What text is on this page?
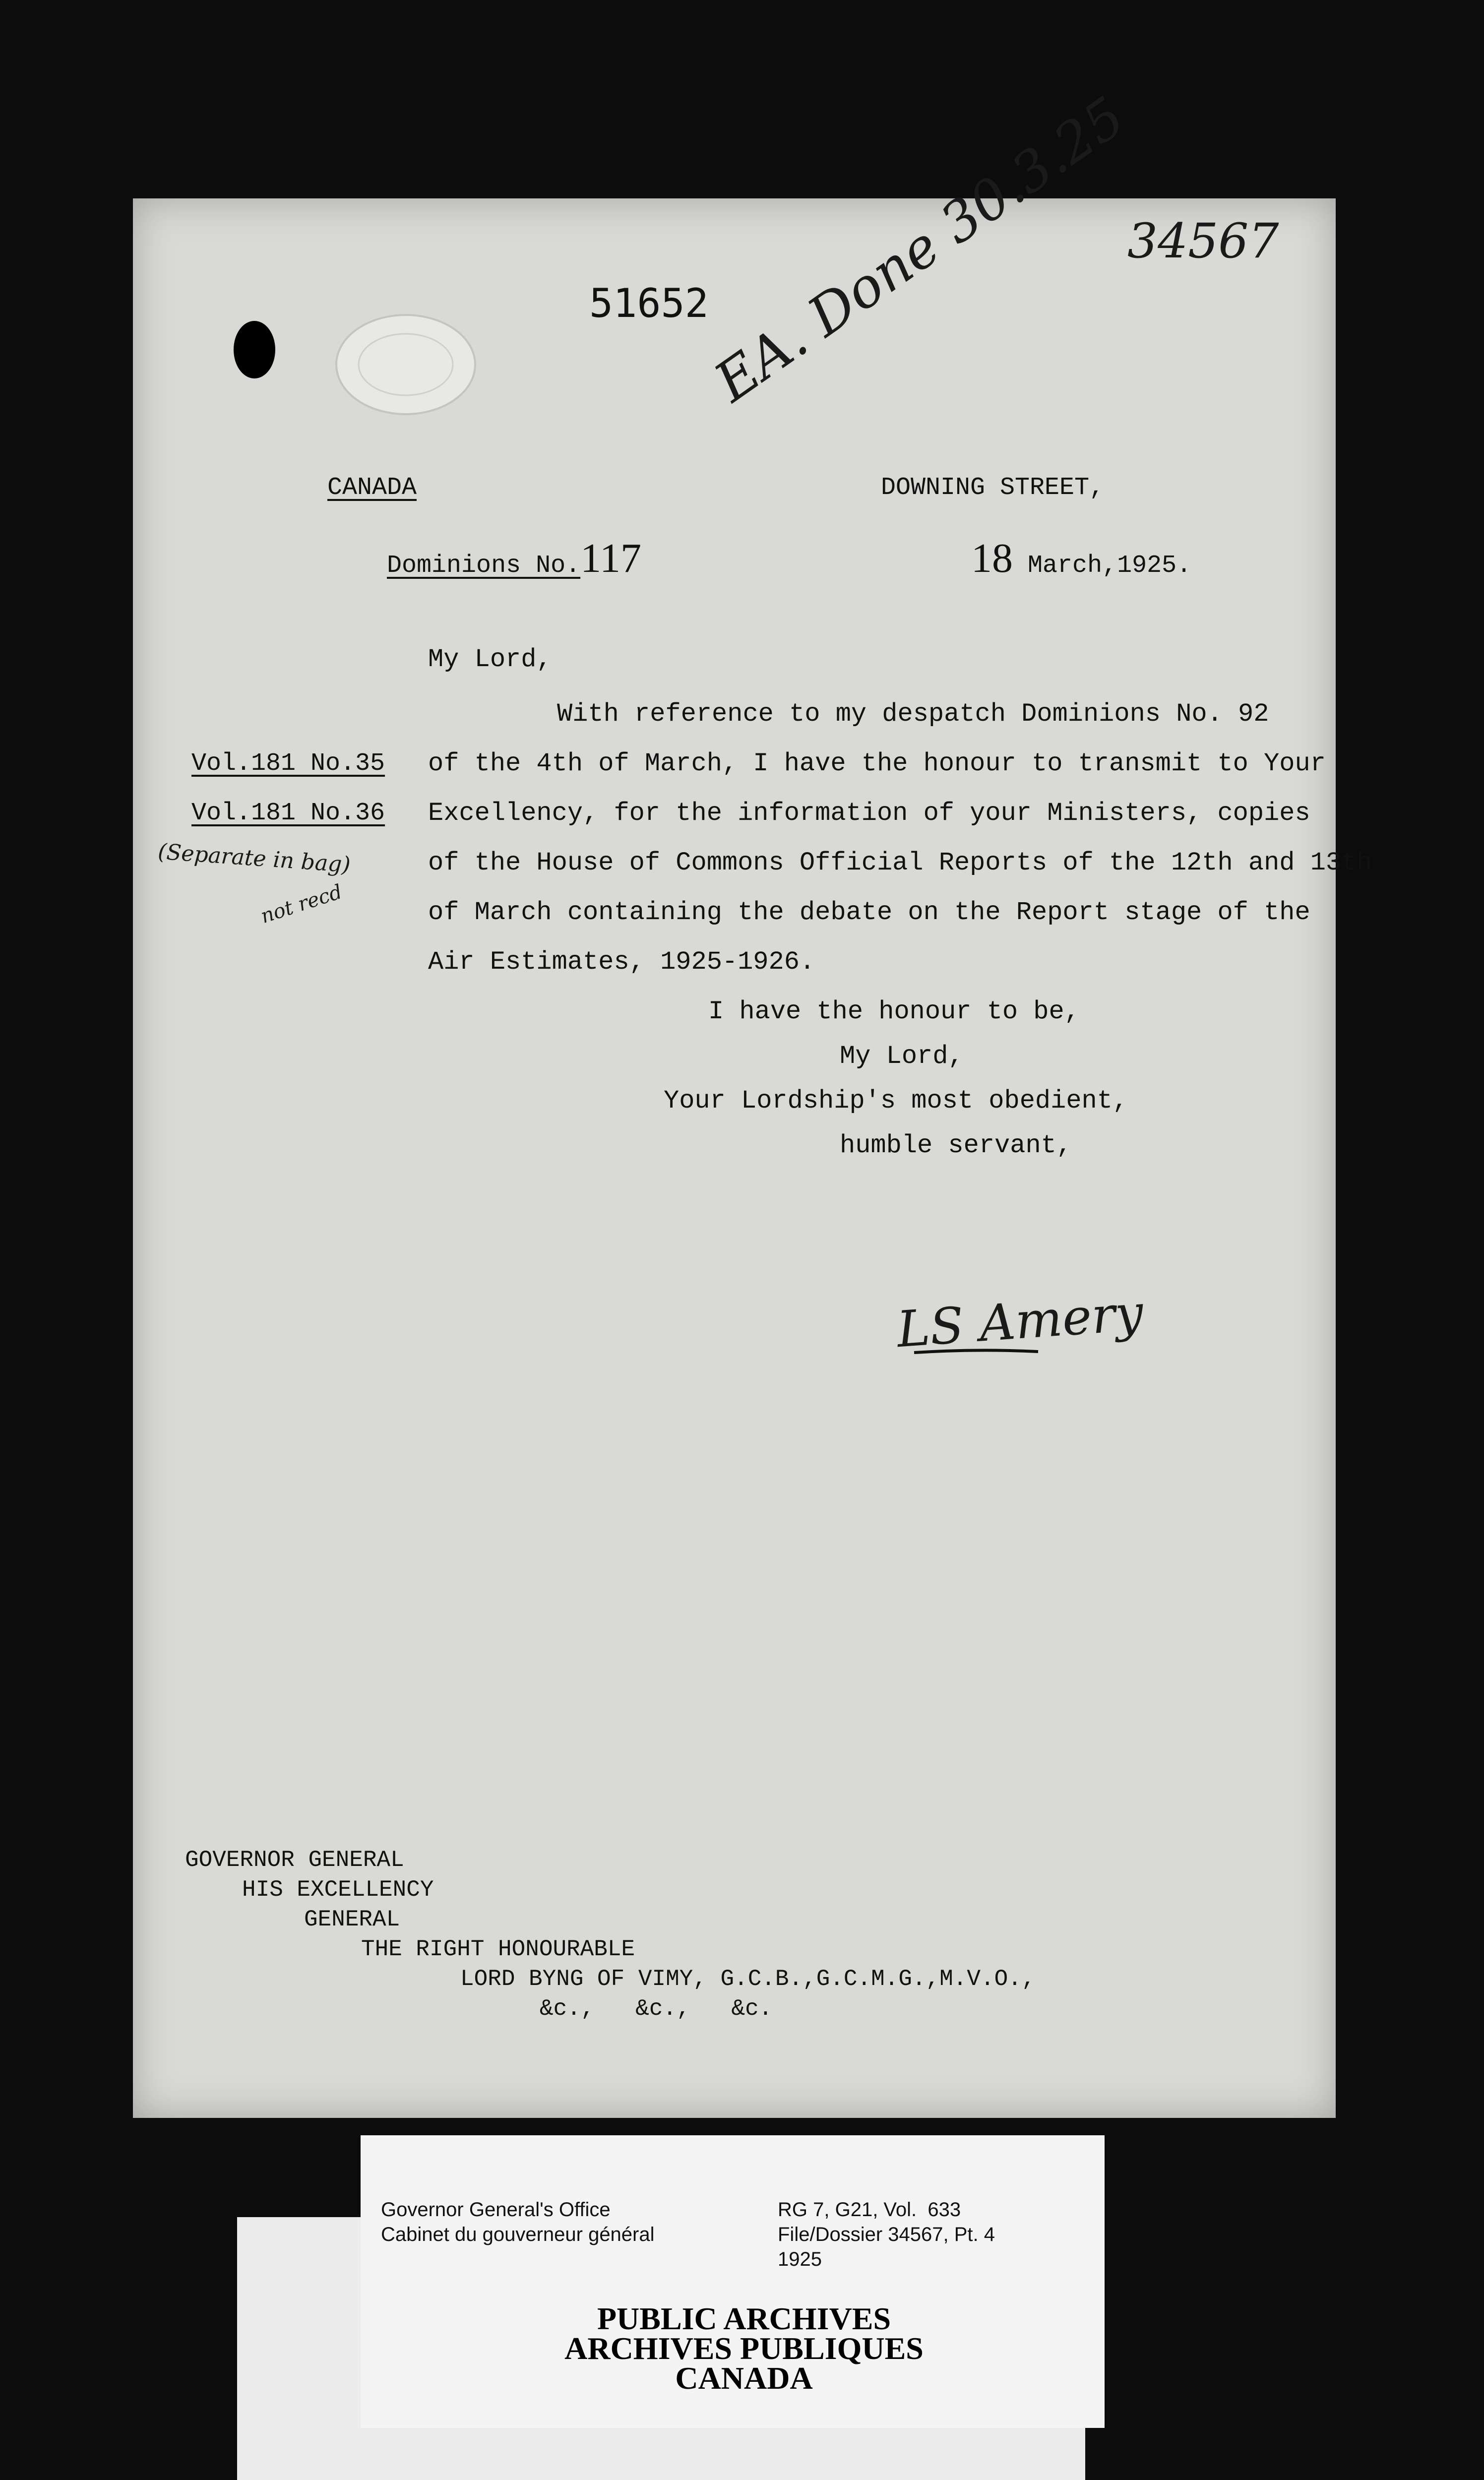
34567
51652
EA. Done 30.3.25
CANADA

Dominions No.117

DOWNING STREET,

18 March,1925.

My Lord,
With reference to my despatch Dominions No. 92
of the 4th of March, I have the honour to transmit to Your
Excellency, for the information of your Ministers, copies
of the House of Commons Official Reports of the 12th and 13th
of March containing the debate on the Report stage of the
Air Estimates, 1925-1926.
Vol.181 No.35
Vol.181 No.36
(Separate in bag)
not recd
I have the honour to be,
My Lord,
Your Lordship's most obedient,
humble servant,
LS Amery
GOVERNOR GENERAL
HIS EXCELLENCY
GENERAL
THE RIGHT HONOURABLE
LORD BYNG OF VIMY, G.C.B.,G.C.M.G.,M.V.O.,
&c.,   &c.,   &c.
Governor General's Office
Cabinet du gouverneur général
RG 7, G21, Vol.  633
File/Dossier 34567, Pt. 4
1925
PUBLIC ARCHIVES
ARCHIVES PUBLIQUES
CANADA
